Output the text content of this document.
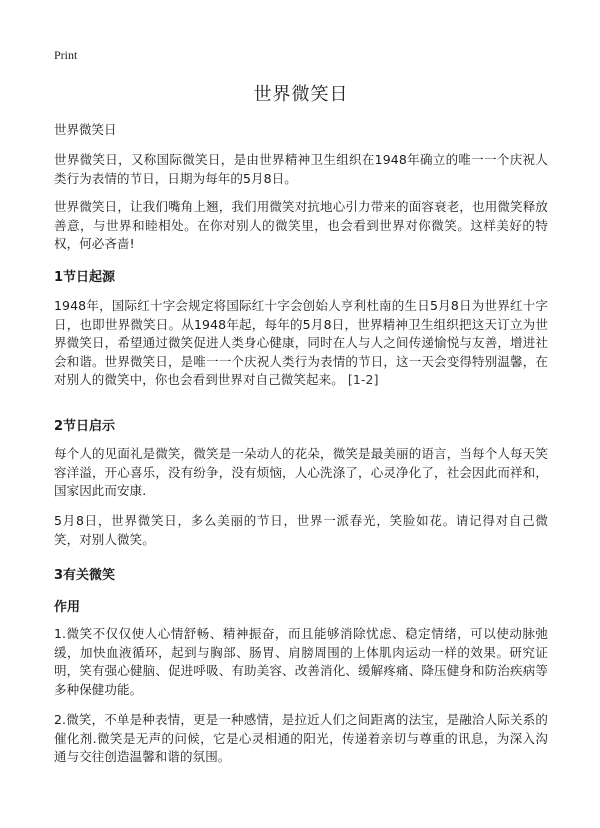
Print
世界微笑日
世界微笑日

世界微笑日，又称国际微笑日，是由世界精神卫生组织在1948年确立的唯一一个庆祝人类行为表情的节日，日期为每年的5月8日。

世界微笑日，让我们嘴角上翘，我们用微笑对抗地心引力带来的面容衰老，也用微笑释放善意，与世界和睦相处。在你对别人的微笑里，也会看到世界对你微笑。这样美好的特权，何必吝啬!

1节日起源

1948年，国际红十字会规定将国际红十字会创始人亨利杜南的生日5月8日为世界红十字日，也即世界微笑日。从1948年起，每年的5月8日，世界精神卫生组织把这天订立为世界微笑日，希望通过微笑促进人类身心健康，同时在人与人之间传递愉悦与友善，增进社会和谐。世界微笑日，是唯一一个庆祝人类行为表情的节日，这一天会变得特别温馨，在对别人的微笑中，你也会看到世界对自己微笑起来。 [1-2]

2节日启示

每个人的见面礼是微笑，微笑是一朵动人的花朵，微笑是最美丽的语言，当每个人每天笑容洋溢，开心喜乐，没有纷争，没有烦恼，人心洗涤了，心灵净化了，社会因此而祥和，国家因此而安康.

5月8日，世界微笑日，多么美丽的节日，世界一派春光，笑脸如花。请记得对自己微笑，对别人微笑。

3有关微笑
作用

1.微笑不仅仅使人心情舒畅、精神振奋，而且能够消除忧虑、稳定情绪，可以使动脉弛缓，加快血液循环，起到与胸部、肠胃、肩膀周围的上体肌肉运动一样的效果。研究证明，笑有强心健脑、促进呼吸、有助美容、改善消化、缓解疼痛、降压健身和防治疾病等多种保健功能。

2.微笑，不单是种表情，更是一种感情，是拉近人们之间距离的法宝，是融洽人际关系的催化剂.微笑是无声的问候，它是心灵相通的阳光，传递着亲切与尊重的讯息，为深入沟通与交往创造温馨和谐的氛围。
